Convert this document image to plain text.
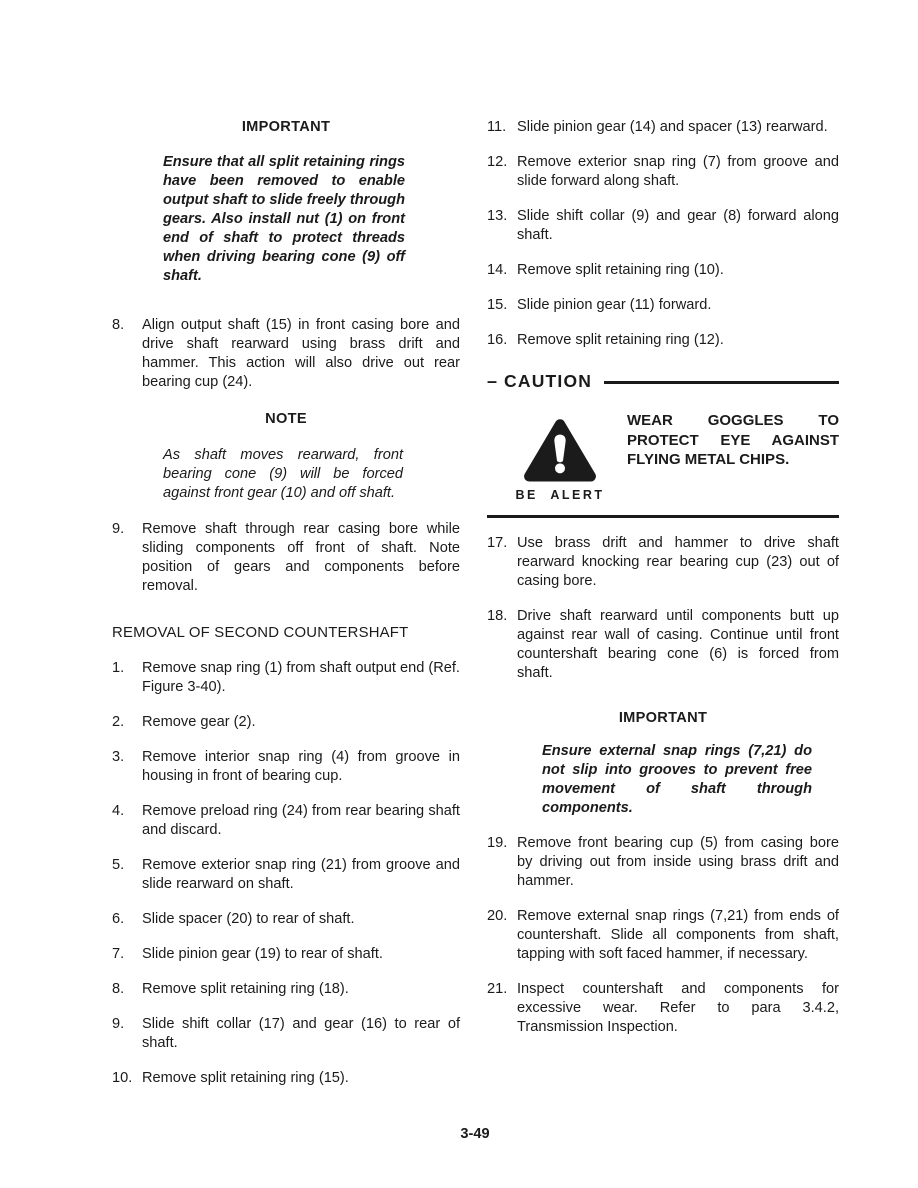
IMPORTANT

Ensure that all split retaining rings have been removed to enable output shaft to slide freely through gears. Also install nut (1) on front end of shaft to protect threads when driving bearing cone (9) off shaft.

8.	Align output shaft (15) in front casing bore and drive shaft rearward using brass drift and hammer. This action will also drive out rear bearing cup (24).
NOTE

As shaft moves rearward, front bearing cone (9) will be forced against front gear (10) and off shaft.

9.	Remove shaft through rear casing bore while sliding components off front of shaft. Note position of gears and components before removal.
REMOVAL OF SECOND COUNTERSHAFT
1.	Remove snap ring (1) from shaft output end (Ref. Figure 3-40).
2.	Remove gear (2).
3.	Remove interior snap ring (4) from groove in housing in front of bearing cup.
4.	Remove preload ring (24) from rear bearing shaft and discard.
5.	Remove exterior snap ring (21) from groove and slide rearward on shaft.
6.	Slide spacer (20) to rear of shaft.
7.	Slide pinion gear (19) to rear of shaft.
8.	Remove split retaining ring (18).
9.	Slide shift collar (17) and gear (16) to rear of shaft.
10. Remove split retaining ring (15).
11. Slide pinion gear (14) and spacer (13) rearward.
12. Remove exterior snap ring (7) from groove and slide forward along shaft.
13. Slide shift collar (9) and gear (8) forward along shaft.
14. Remove split retaining ring (10).
15. Slide pinion gear (11) forward.
16. Remove split retaining ring (12).
– CAUTION
BE ALERT
WEAR GOGGLES TO PROTECT EYE AGAINST FLYING METAL CHIPS.
17. Use brass drift and hammer to drive shaft rearward knocking rear bearing cup (23) out of casing bore.
18. Drive shaft rearward until components butt up against rear wall of casing. Continue until front countershaft bearing cone (6) is forced from shaft.
IMPORTANT

Ensure external snap rings (7,21) do not slip into grooves to prevent free movement of shaft through components.

19. Remove front bearing cup (5) from casing bore by driving out from inside using brass drift and hammer.
20. Remove external snap rings (7,21) from ends of countershaft. Slide all components from shaft, tapping with soft faced hammer, if necessary.
21. Inspect countershaft and components for excessive wear. Refer to para 3.4.2, Transmission Inspection.
3-49
